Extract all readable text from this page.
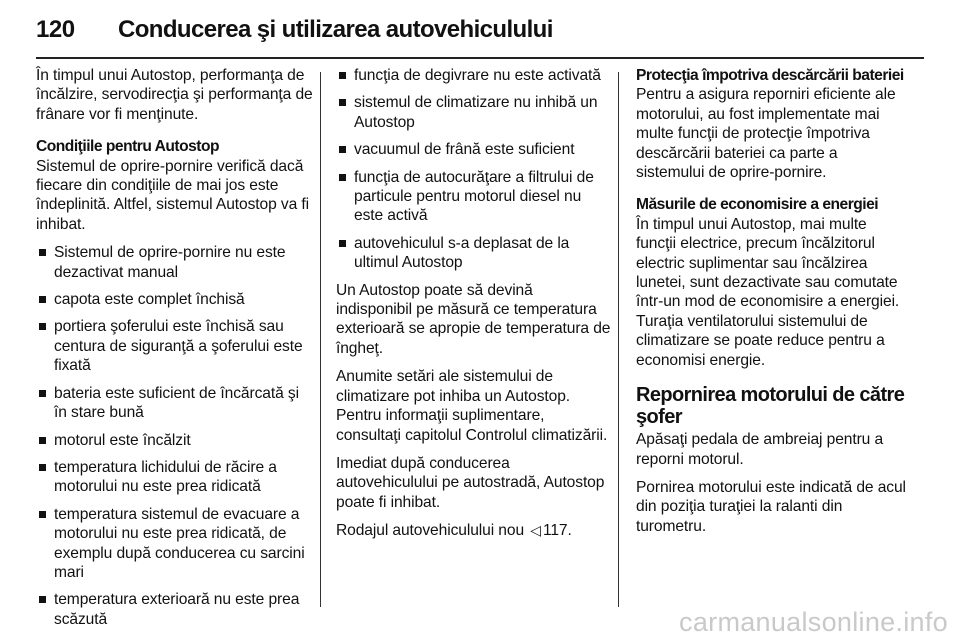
120 Conducerea şi utilizarea autovehiculului

În timpul unui Autostop, performanţa de încălzire, servodirecţia şi performanţa de frânare vor fi menţinute.

Condiţiile pentru Autostop

Sistemul de oprire-pornire verifică dacă fiecare din condiţiile de mai jos este îndeplinită. Altfel, sistemul Autostop va fi inhibat.

Sistemul de oprire-pornire nu este dezactivat manual
capota este complet închisă
portiera şoferului este închisă sau centura de siguranţă a şoferului este fixată
bateria este suficient de încărcată şi în stare bună
motorul este încălzit
temperatura lichidului de răcire a motorului nu este prea ridicată
temperatura sistemul de evacuare a motorului nu este prea ridicată, de exemplu după conducerea cu sarcini mari
temperatura exterioară nu este prea scăzută
funcţia de degivrare nu este activată
sistemul de climatizare nu inhibă un Autostop
vacuumul de frână este suficient
funcţia de autocurăţare a filtrului de particule pentru motorul diesel nu este activă
autovehiculul s-a deplasat de la ultimul Autostop

Un Autostop poate să devină indisponibil pe măsură ce temperatura exterioară se apropie de temperatura de îngheţ.

Anumite setări ale sistemului de climatizare pot inhiba un Autostop. Pentru informaţii suplimentare, consultaţi capitolul Controlul climatizării.

Imediat după conducerea autovehiculului pe autostradă, Autostop poate fi inhibat.

Rodajul autovehiculului nou ◁ 117.

Protecţia împotriva descărcării bateriei

Pentru a asigura reporniri eficiente ale motorului, au fost implementate mai multe funcţii de protecţie împotriva descărcării bateriei ca parte a sistemului de oprire-pornire.

Măsurile de economisire a energiei

În timpul unui Autostop, mai multe funcţii electrice, precum încălzitorul electric suplimentar sau încălzirea lunetei, sunt dezactivate sau comutate într-un mod de economisire a energiei. Turaţia ventilatorului sistemului de climatizare se poate reduce pentru a economisi energie.

Repornirea motorului de către şofer

Apăsaţi pedala de ambreiaj pentru a reporni motorul.

Pornirea motorului este indicată de acul din poziţia turaţiei la ralanti din turometru.

carmanualsonline.info
